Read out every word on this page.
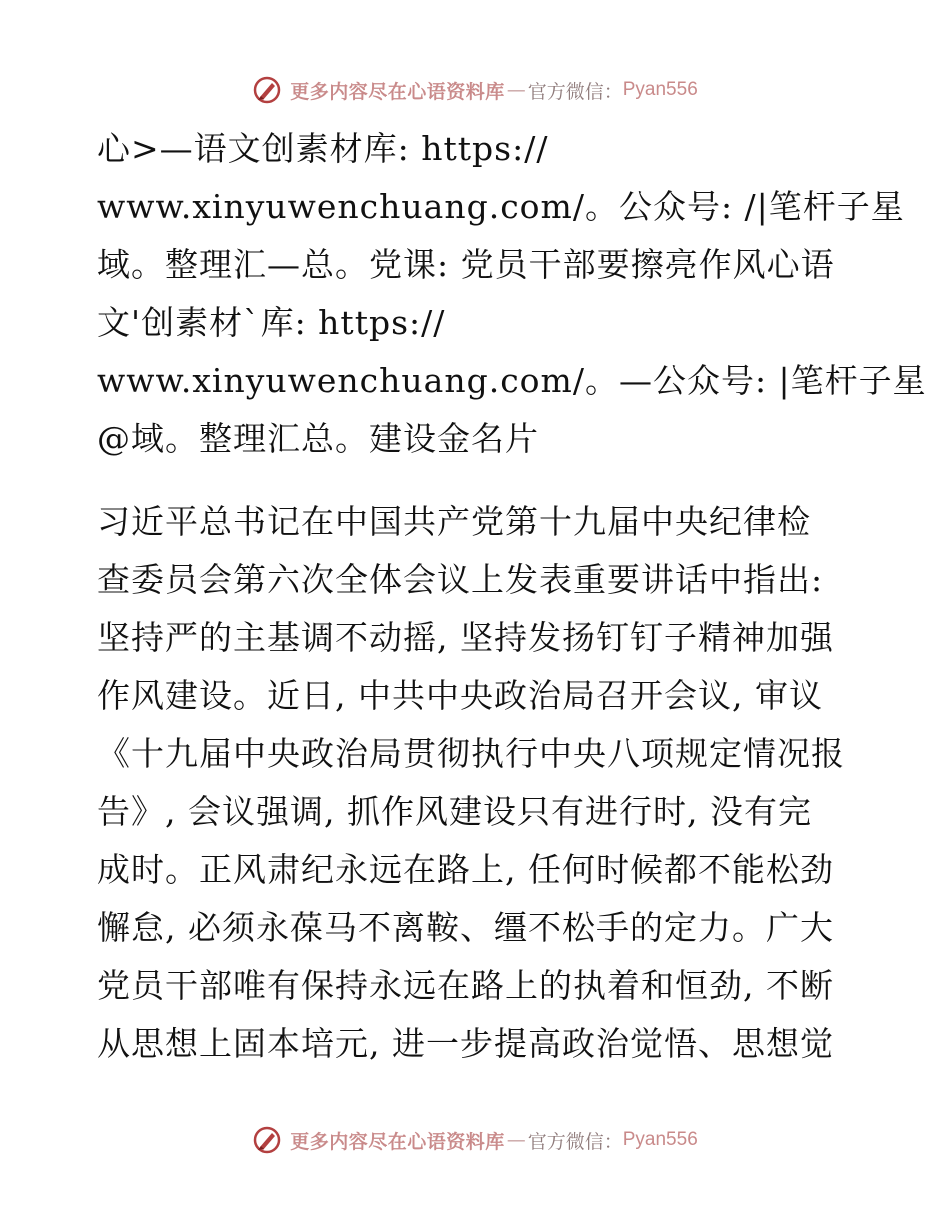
更多内容尽在心语资料库 — 官方微信： Pyan556

心>—语文创素材库: https://
www.xinyuwenchuang.com/。公众号: /|笔杆子星
域。整理汇—总。党课: 党员干部要擦亮作风心语
文'创素材`库: https://
www.xinyuwenchuang.com/。—公众号: |笔杆子星
@域。整理汇总。建设金名片

习近平总书记在中国共产党第十九届中央纪律检
查委员会第六次全体会议上发表重要讲话中指出:
坚持严的主基调不动摇, 坚持发扬钉钉子精神加强
作风建设。近日, 中共中央政治局召开会议, 审议
《十九届中央政治局贯彻执行中央八项规定情况报
告》, 会议强调, 抓作风建设只有进行时, 没有完
成时。正风肃纪永远在路上, 任何时候都不能松劲
懈怠, 必须永葆马不离鞍、缰不松手的定力。广大
党员干部唯有保持永远在路上的执着和恒劲, 不断
从思想上固本培元, 进一步提高政治觉悟、思想觉

更多内容尽在心语资料库 — 官方微信： Pyan556
